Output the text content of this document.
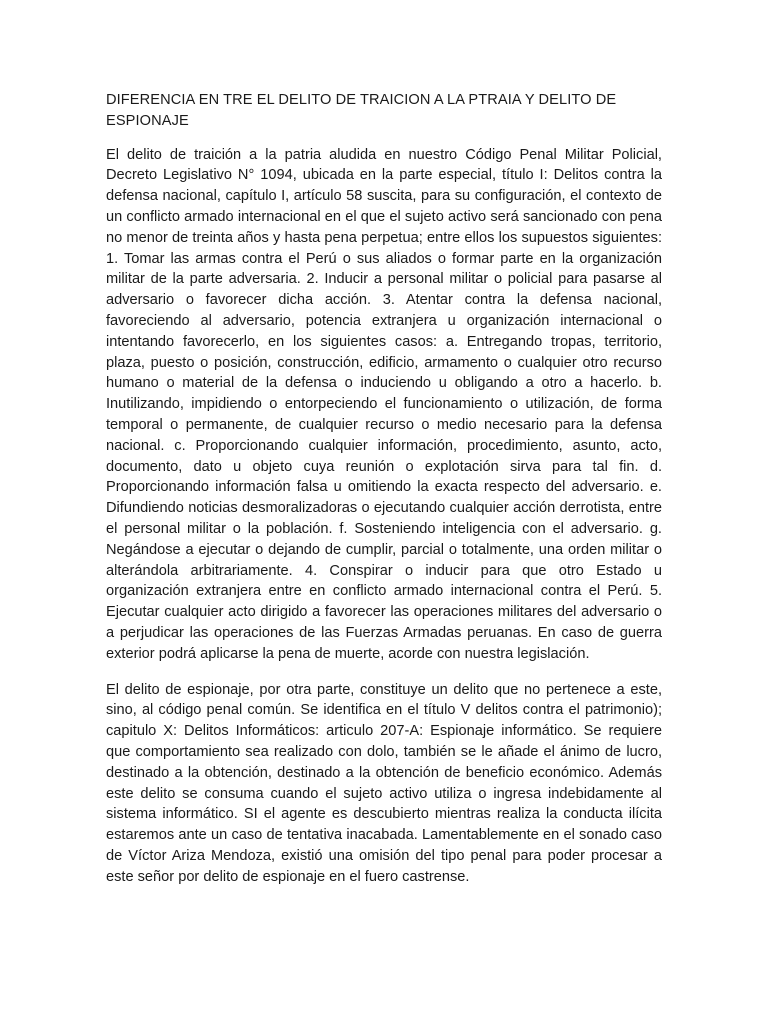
DIFERENCIA EN TRE EL DELITO DE TRAICION A LA PTRAIA Y DELITO DE ESPIONAJE

El delito de traición a la patria aludida en nuestro Código Penal Militar Policial, Decreto Legislativo N° 1094, ubicada en la parte especial, título I: Delitos contra la defensa nacional, capítulo I, artículo 58 suscita, para su configuración, el contexto de un conflicto armado internacional en el que el sujeto activo será sancionado con pena no menor de treinta años y hasta pena perpetua; entre ellos los supuestos siguientes: 1. Tomar las armas contra el Perú o sus aliados o formar parte en la organización militar de la parte adversaria. 2. Inducir a personal militar o policial para pasarse al adversario o favorecer dicha acción. 3. Atentar contra la defensa nacional, favoreciendo al adversario, potencia extranjera u organización internacional o intentando favorecerlo, en los siguientes casos: a. Entregando tropas, territorio, plaza, puesto o posición, construcción, edificio, armamento o cualquier otro recurso humano o material de la defensa o induciendo u obligando a otro a hacerlo. b. Inutilizando, impidiendo o entorpeciendo el funcionamiento o utilización, de forma temporal o permanente, de cualquier recurso o medio necesario para la defensa nacional. c. Proporcionando cualquier información, procedimiento, asunto, acto, documento, dato u objeto cuya reunión o explotación sirva para tal fin. d. Proporcionando información falsa u omitiendo la exacta respecto del adversario. e. Difundiendo noticias desmoralizadoras o ejecutando cualquier acción derrotista, entre el personal militar o la población. f. Sosteniendo inteligencia con el adversario. g. Negándose a ejecutar o dejando de cumplir, parcial o totalmente, una orden militar o alterándola arbitrariamente. 4. Conspirar o inducir para que otro Estado u organización extranjera entre en conflicto armado internacional contra el Perú. 5. Ejecutar cualquier acto dirigido a favorecer las operaciones militares del adversario o a perjudicar las operaciones de las Fuerzas Armadas peruanas. En caso de guerra exterior podrá aplicarse la pena de muerte, acorde con nuestra legislación.

El delito de espionaje, por otra parte, constituye un delito que no pertenece a este, sino, al código penal común. Se identifica en el título V delitos contra el patrimonio); capitulo X: Delitos Informáticos: articulo 207-A: Espionaje informático. Se requiere que comportamiento sea realizado con dolo, también se le añade el ánimo de lucro, destinado a la obtención, destinado a la obtención de beneficio económico. Además este delito se consuma cuando el sujeto activo utiliza o ingresa indebidamente al sistema informático. SI el agente es descubierto mientras realiza la conducta ilícita estaremos ante un caso de tentativa inacabada. Lamentablemente en el sonado caso de Víctor Ariza Mendoza, existió una omisión del tipo penal para poder procesar a este señor por delito de espionaje en el fuero castrense.
